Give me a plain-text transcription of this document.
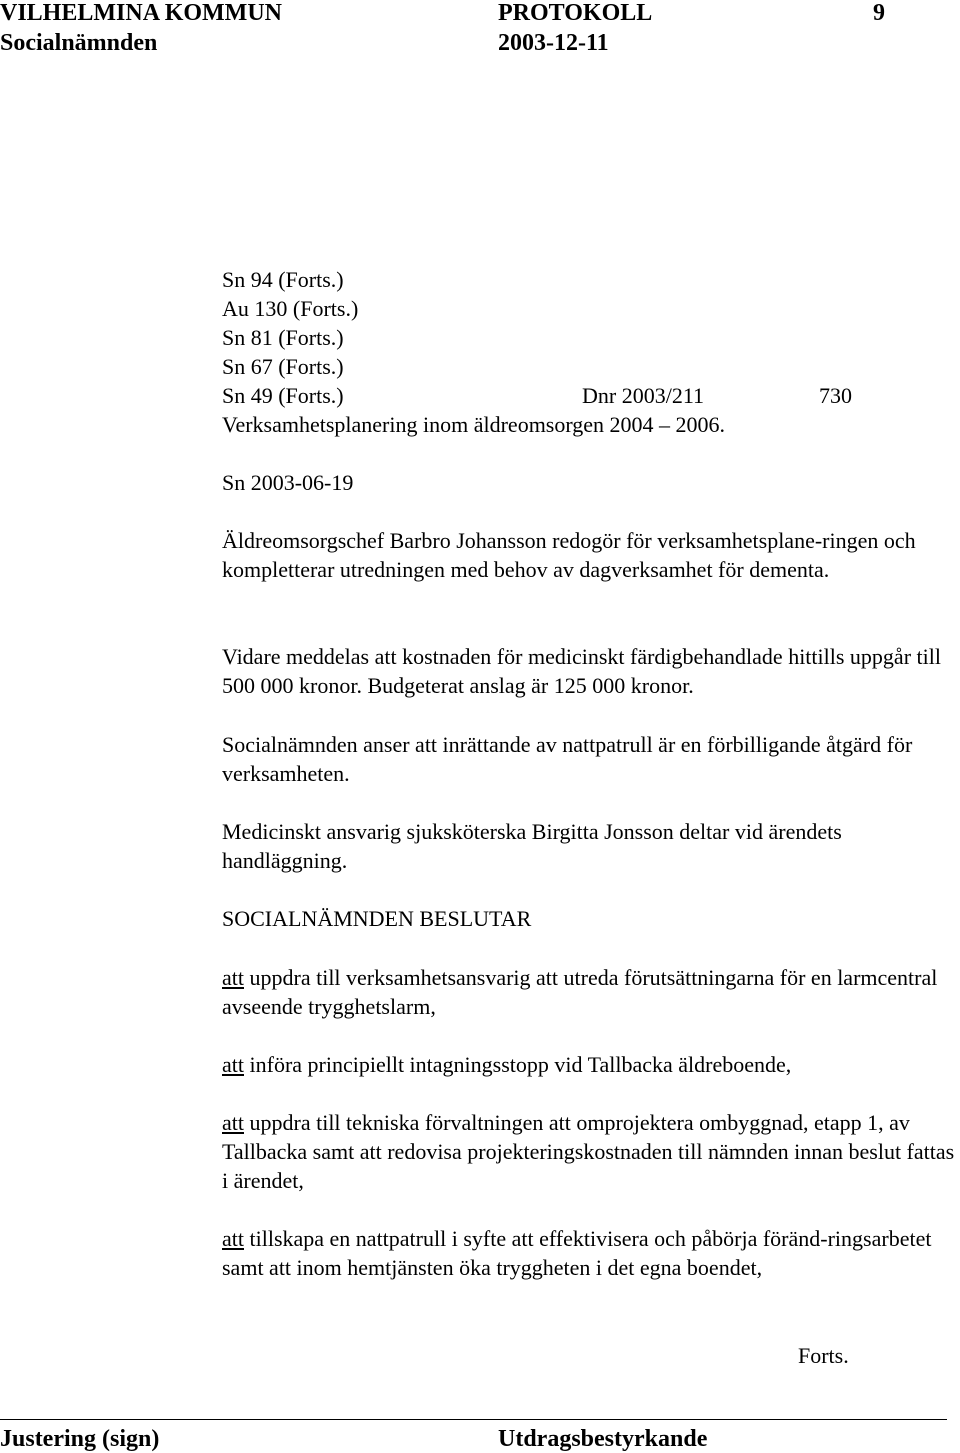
VILHELMINA KOMMUN	PROTOKOLL	9
Socialnämnden	2003-12-11
Sn 94 (Forts.)
Au 130 (Forts.)
Sn 81 (Forts.)
Sn 67 (Forts.)
Sn 49 (Forts.)	Dnr 2003/211	730
Verksamhetsplanering inom äldreomsorgen 2004 – 2006.
Sn 2003-06-19
Äldreomsorgschef Barbro Johansson redogör för verksamhetsplane-ringen och kompletterar utredningen med behov av dagverksamhet för dementa.
Vidare meddelas att kostnaden för medicinskt färdigbehandlade hittills uppgår till 500 000 kronor. Budgeterat anslag är 125 000 kronor.
Socialnämnden anser att inrättande av nattpatrull är en förbilligande åtgärd för verksamheten.
Medicinskt ansvarig sjuksköterska Birgitta Jonsson deltar vid ärendets handläggning.
SOCIALNÄMNDEN BESLUTAR
att uppdra till verksamhetsansvarig att utreda förutsättningarna för en larmcentral avseende trygghetslarm,
att införa principiellt intagningsstopp vid Tallbacka äldreboende,
att uppdra till tekniska förvaltningen att omprojektera ombyggnad, etapp 1, av Tallbacka samt att redovisa projekteringskostnaden till nämnden innan beslut fattas i ärendet,
att tillskapa en nattpatrull i syfte att effektivisera och påbörja föränd-ringsarbetet samt att inom hemtjänsten öka tryggheten i det egna boendet,
Forts.
Justering (sign)	Utdragsbestyrkande
